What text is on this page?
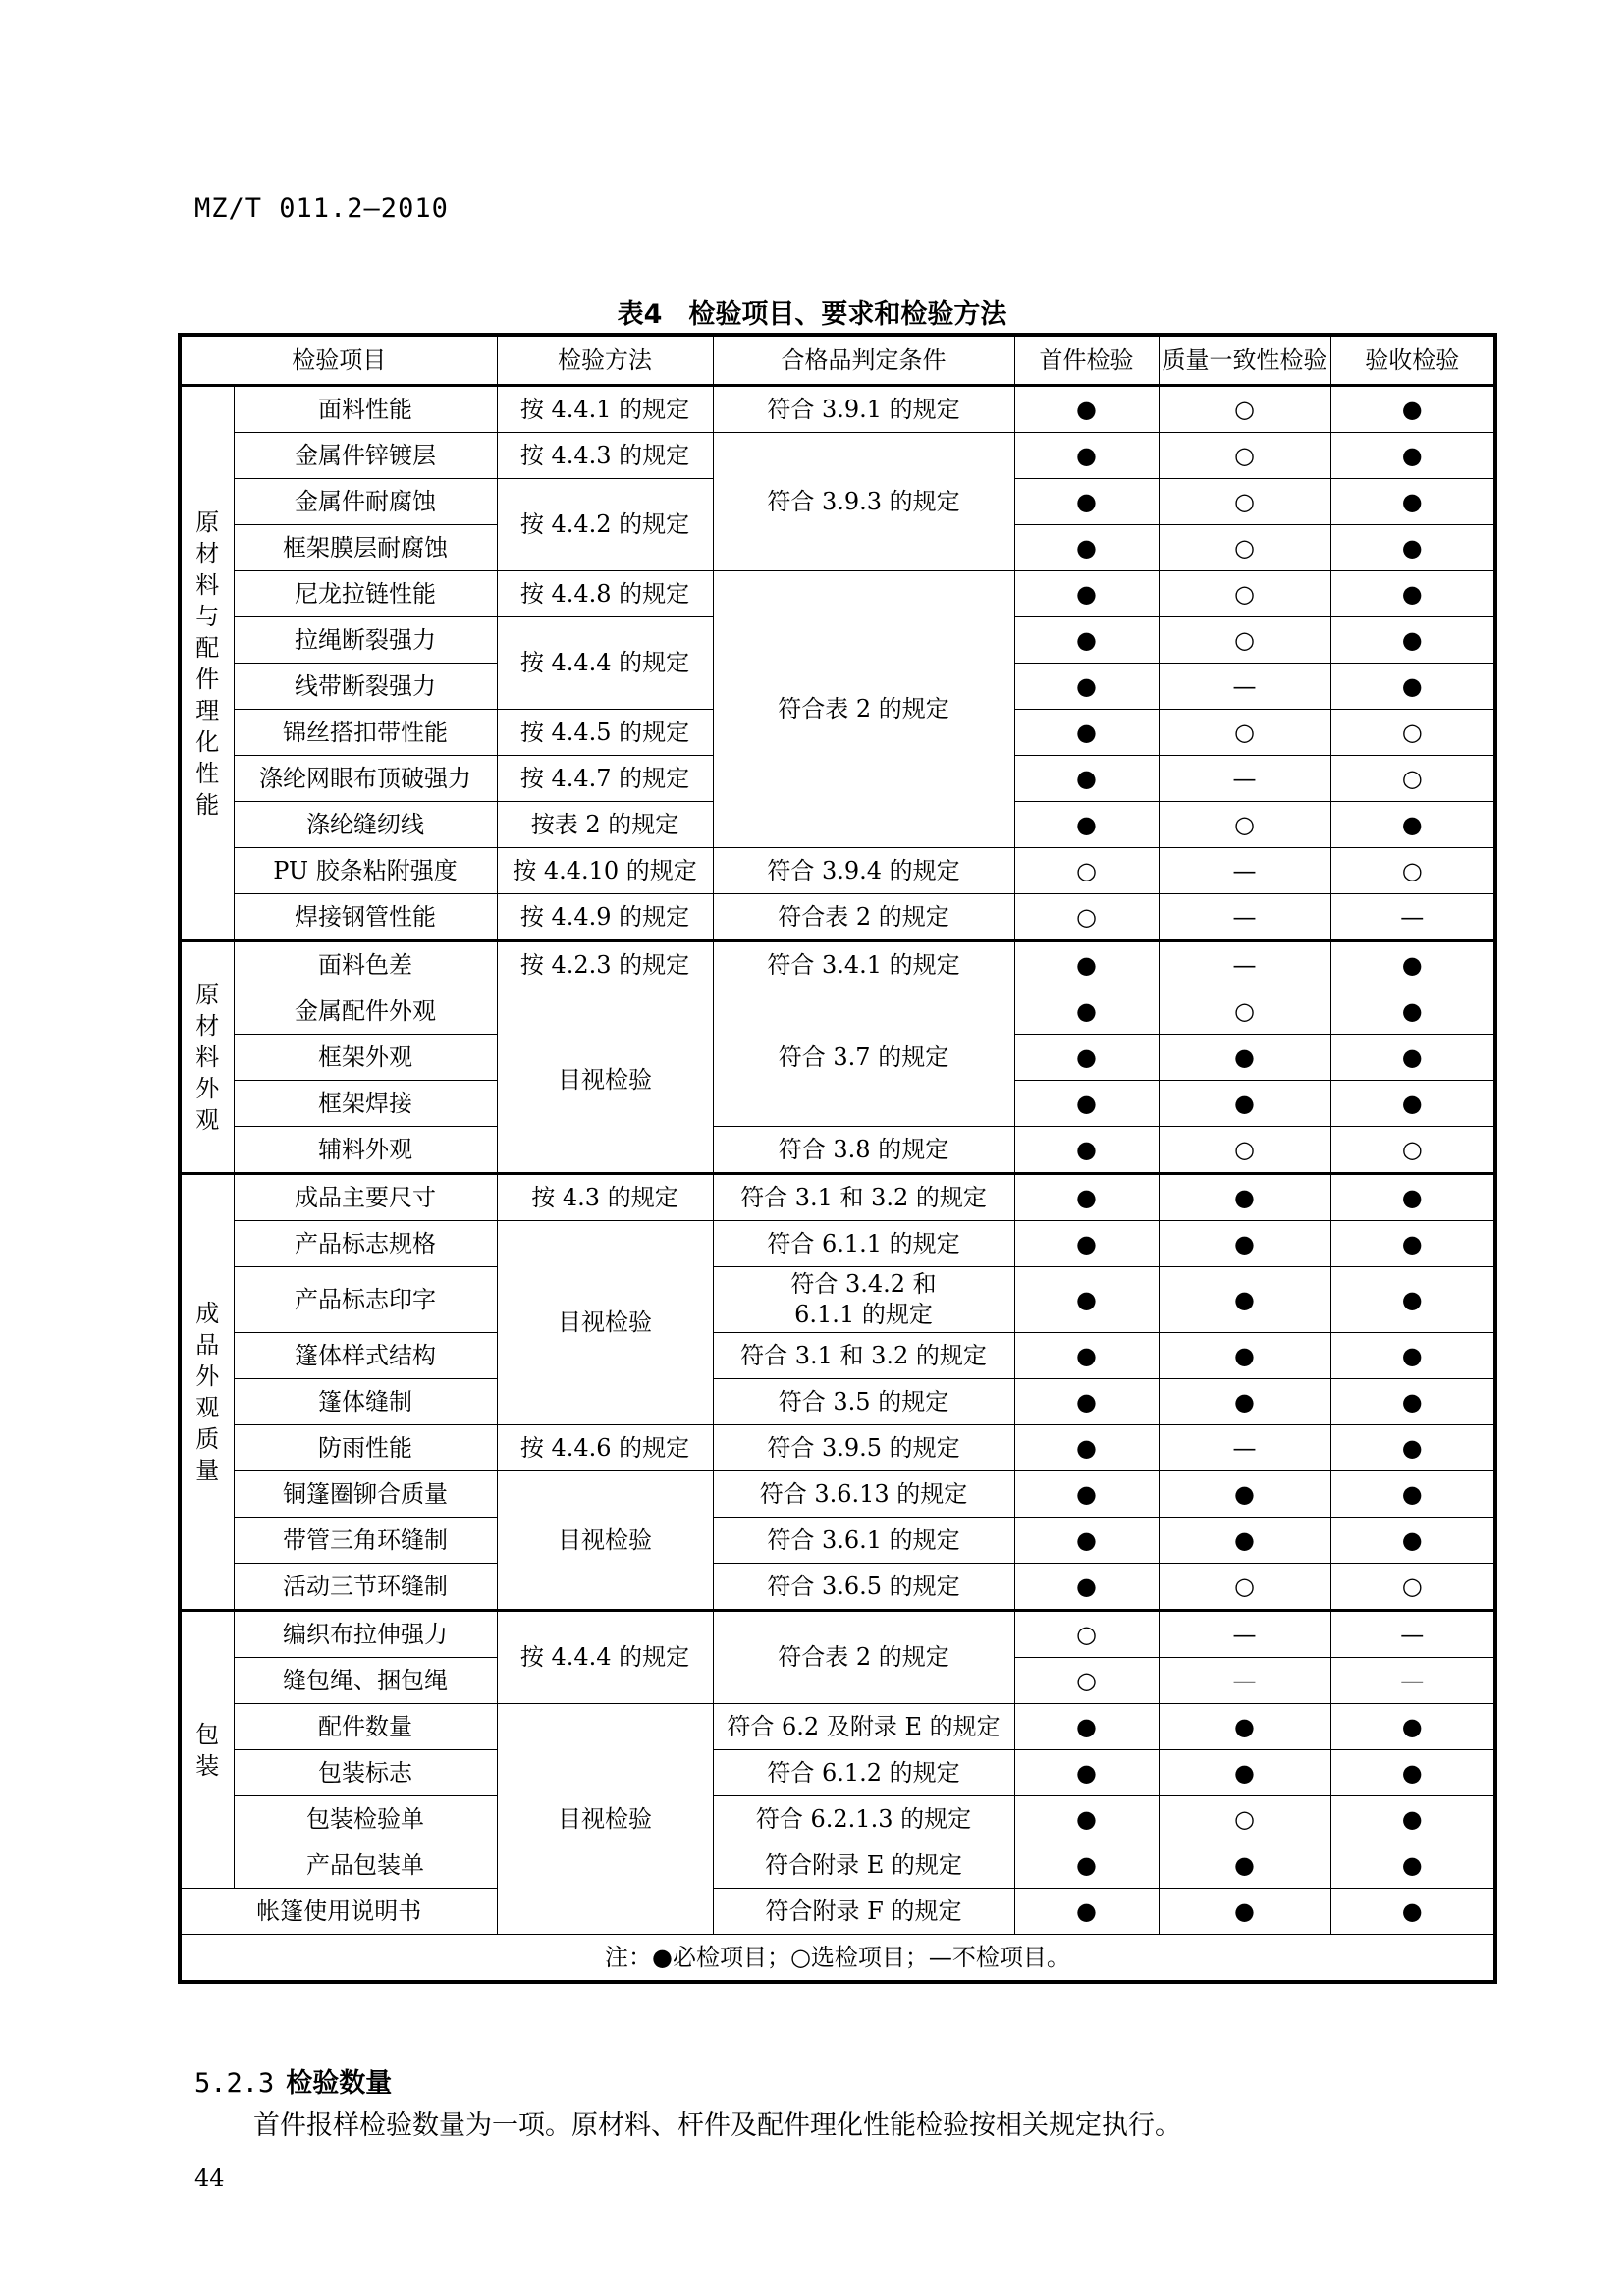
MZ/T 011.2—2010
表4　检验项目、要求和检验方法
检验项目		检验方法	合格品判定条件	首件检验	质量一致性检验	验收检验
原材料与配件理化性能	面料性能	按 4.4.1 的规定	符合 3.9.1 的规定	●	○	●
	金属件锌镀层	按 4.4.3 的规定	符合 3.9.3 的规定	●	○	●
	金属件耐腐蚀	按 4.4.2 的规定		●	○	●
	框架膜层耐腐蚀			●	○	●
	尼龙拉链性能	按 4.4.8 的规定	符合表 2 的规定	●	○	●
	拉绳断裂强力	按 4.4.4 的规定		●	○	●
	线带断裂强力			●	—	●
	锦丝搭扣带性能	按 4.4.5 的规定		●	○	○
	涤纶网眼布顶破强力	按 4.4.7 的规定		●	—	○
	涤纶缝纫线	按表 2 的规定		●	○	●
	PU 胶条粘附强度	按 4.4.10 的规定	符合 3.9.4 的规定	○	—	○
	焊接钢管性能	按 4.4.9 的规定	符合表 2 的规定	○	—	—
原材料外观	面料色差	按 4.2.3 的规定	符合 3.4.1 的规定	●	—	●
	金属配件外观	目视检验	符合 3.7 的规定	●	○	●
	框架外观			●	●	●
	框架焊接			●	●	●
	辅料外观		符合 3.8 的规定	●	○	○
成品外观质量	成品主要尺寸	按 4.3 的规定	符合 3.1 和 3.2 的规定	●	●	●
	产品标志规格	目视检验	符合 6.1.1 的规定	●	●	●
	产品标志印字		符合 3.4.2 和 6.1.1 的规定	●	●	●
	篷体样式结构		符合 3.1 和 3.2 的规定	●	●	●
	篷体缝制		符合 3.5 的规定	●	●	●
	防雨性能	按 4.4.6 的规定	符合 3.9.5 的规定	●	—	●
	铜篷圈铆合质量	目视检验	符合 3.6.13 的规定	●	●	●
	带管三角环缝制		符合 3.6.1 的规定	●	●	●
	活动三节环缝制		符合 3.6.5 的规定	●	○	○
包装	编织布拉伸强力	按 4.4.4 的规定	符合表 2 的规定	○	—	—
	缝包绳、捆包绳			○	—	—
	配件数量	目视检验	符合 6.2 及附录 E 的规定	●	●	●
	包装标志		符合 6.1.2 的规定	●	●	●
	包装检验单		符合 6.2.1.3 的规定	●	○	●
	产品包装单		符合附录 E 的规定	●	●	●
帐篷使用说明书			符合附录 F 的规定	●	●	●
注：●必检项目；○选检项目；—不检项目。						
5.2.3 检验数量
首件报样检验数量为一项。原材料、杆件及配件理化性能检验按相关规定执行。
44
